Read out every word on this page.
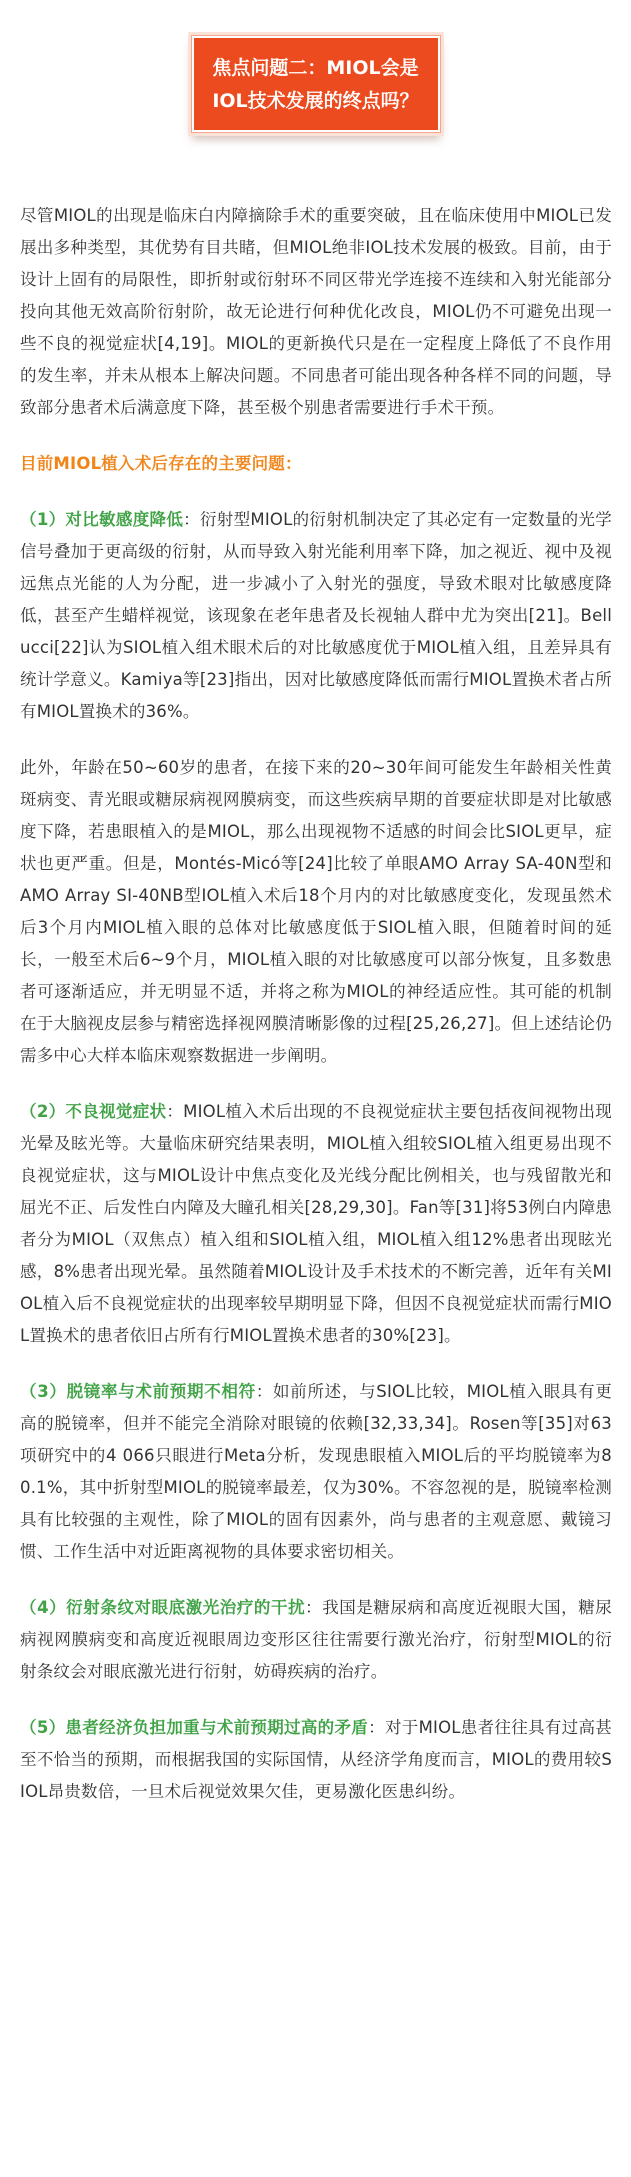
焦点问题二：MIOL会是
IOL技术发展的终点吗？

尽管MIOL的出现是临床白内障摘除手术的重要突破，且在临床使用中MIOL已发展出多种类型，其优势有目共睹，但MIOL绝非IOL技术发展的极致。目前，由于设计上固有的局限性，即折射或衍射环不同区带光学连接不连续和入射光能部分投向其他无效高阶衍射阶，故无论进行何种优化改良，MIOL仍不可避免出现一些不良的视觉症状[4,19]。MIOL的更新换代只是在一定程度上降低了不良作用的发生率，并未从根本上解决问题。不同患者可能出现各种各样不同的问题，导致部分患者术后满意度下降，甚至极个别患者需要进行手术干预。

目前MIOL植入术后存在的主要问题：

（1）对比敏感度降低：衍射型MIOL的衍射机制决定了其必定有一定数量的光学信号叠加于更高级的衍射，从而导致入射光能利用率下降，加之视近、视中及视远焦点光能的人为分配，进一步减小了入射光的强度，导致术眼对比敏感度降低，甚至产生蜡样视觉，该现象在老年患者及长视轴人群中尤为突出[21]。Bellucci[22]认为SIOL植入组术眼术后的对比敏感度优于MIOL植入组，且差异具有统计学意义。Kamiya等[23]指出，因对比敏感度降低而需行MIOL置换术者占所有MIOL置换术的36%。

此外，年龄在50~60岁的患者，在接下来的20~30年间可能发生年龄相关性黄斑病变、青光眼或糖尿病视网膜病变，而这些疾病早期的首要症状即是对比敏感度下降，若患眼植入的是MIOL，那么出现视物不适感的时间会比SIOL更早，症状也更严重。但是，Montés-Micó等[24]比较了单眼AMO Array SA-40N型和AMO Array SI-40NB型IOL植入术后18个月内的对比敏感度变化，发现虽然术后3个月内MIOL植入眼的总体对比敏感度低于SIOL植入眼，但随着时间的延长，一般至术后6~9个月，MIOL植入眼的对比敏感度可以部分恢复，且多数患者可逐渐适应，并无明显不适，并将之称为MIOL的神经适应性。其可能的机制在于大脑视皮层参与精密选择视网膜清晰影像的过程[25,26,27]。但上述结论仍需多中心大样本临床观察数据进一步阐明。

（2）不良视觉症状：MIOL植入术后出现的不良视觉症状主要包括夜间视物出现光晕及眩光等。大量临床研究结果表明，MIOL植入组较SIOL植入组更易出现不良视觉症状，这与MIOL设计中焦点变化及光线分配比例相关，也与残留散光和屈光不正、后发性白内障及大瞳孔相关[28,29,30]。Fan等[31]将53例白内障患者分为MIOL（双焦点）植入组和SIOL植入组，MIOL植入组12%患者出现眩光感，8%患者出现光晕。虽然随着MIOL设计及手术技术的不断完善，近年有关MIOL植入后不良视觉症状的出现率较早期明显下降，但因不良视觉症状而需行MIOL置换术的患者依旧占所有行MIOL置换术患者的30%[23]。

（3）脱镜率与术前预期不相符：如前所述，与SIOL比较，MIOL植入眼具有更高的脱镜率，但并不能完全消除对眼镜的依赖[32,33,34]。Rosen等[35]对63项研究中的4 066只眼进行Meta分析，发现患眼植入MIOL后的平均脱镜率为80.1%，其中折射型MIOL的脱镜率最差，仅为30%。不容忽视的是，脱镜率检测具有比较强的主观性，除了MIOL的固有因素外，尚与患者的主观意愿、戴镜习惯、工作生活中对近距离视物的具体要求密切相关。

（4）衍射条纹对眼底激光治疗的干扰：我国是糖尿病和高度近视眼大国，糖尿病视网膜病变和高度近视眼周边变形区往往需要行激光治疗，衍射型MIOL的衍射条纹会对眼底激光进行衍射，妨碍疾病的治疗。

（5）患者经济负担加重与术前预期过高的矛盾：对于MIOL患者往往具有过高甚至不恰当的预期，而根据我国的实际国情，从经济学角度而言，MIOL的费用较SIOL昂贵数倍，一旦术后视觉效果欠佳，更易激化医患纠纷。
